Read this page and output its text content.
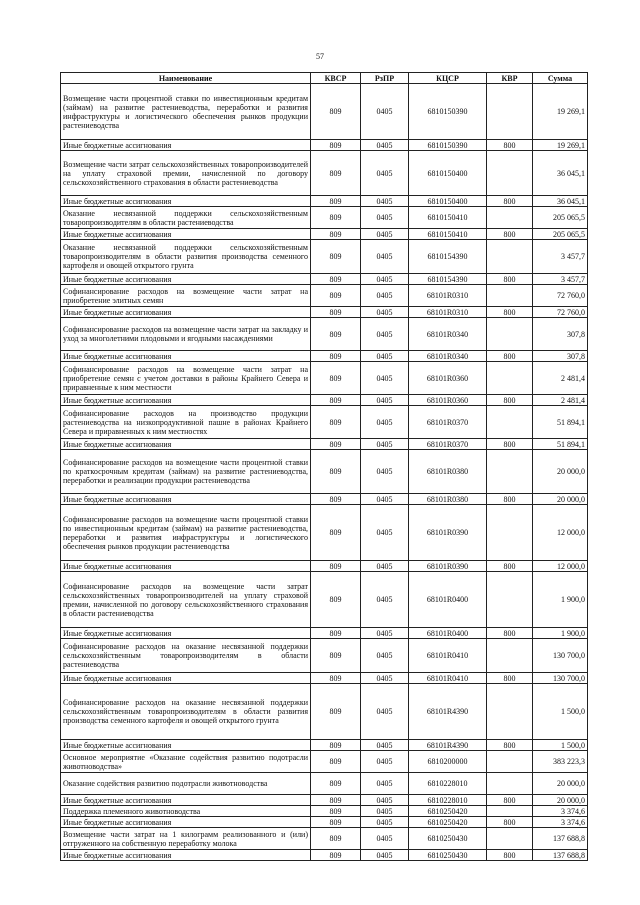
57
Наименование	КВСР	РзПР	КЦСР	КВР	Сумма
Возмещение части процентной ставки по инвестиционным кредитам (займам) на развитие растениеводства, переработки и развития инфраструктуры и логистического обеспечения рынков продукции растениеводства	809	0405	6810150390		19 269,1
Иные бюджетные ассигнования	809	0405	6810150390	800	19 269,1
Возмещение части затрат сельскохозяйственных товаропроизводителей на уплату страховой премии, начисленной по договору сельскохозяйственного страхования в области растениеводства	809	0405	6810150400		36 045,1
Иные бюджетные ассигнования	809	0405	6810150400	800	36 045,1
Оказание несвязанной поддержки сельскохозяйственным товаропроизводителям в области растениеводства	809	0405	6810150410		205 065,5
Иные бюджетные ассигнования	809	0405	6810150410	800	205 065,5
Оказание несвязанной поддержки сельскохозяйственным товаропроизводителям в области развития производства семенного картофеля и овощей открытого грунта	809	0405	6810154390		3 457,7
Иные бюджетные ассигнования	809	0405	6810154390	800	3 457,7
Софинансирование расходов на возмещение части затрат на приобретение элитных семян	809	0405	68101R0310		72 760,0
Иные бюджетные ассигнования	809	0405	68101R0310	800	72 760,0
Софинансирование расходов на возмещение части затрат на закладку и уход за многолетними плодовыми и ягодными насаждениями	809	0405	68101R0340		307,8
Иные бюджетные ассигнования	809	0405	68101R0340	800	307,8
Софинансирование расходов на возмещение части затрат на приобретение семян с учетом доставки в районы Крайнего Севера и приравненные к ним местности	809	0405	68101R0360		2 481,4
Иные бюджетные ассигнования	809	0405	68101R0360	800	2 481,4
Софинансирование расходов на производство продукции растениеводства на низкопродуктивной пашне в районах Крайнего Севера и приравненных к ним местностях	809	0405	68101R0370		51 894,1
Иные бюджетные ассигнования	809	0405	68101R0370	800	51 894,1
Софинансирование расходов на возмещение части процентной ставки по краткосрочным кредитам (займам) на развитие растениеводства, переработки и реализации продукции растениеводства	809	0405	68101R0380		20 000,0
Иные бюджетные ассигнования	809	0405	68101R0380	800	20 000,0
Софинансирование расходов на возмещение части процентной ставки по инвестиционным кредитам (займам) на развитие растениеводства, переработки и развития инфраструктуры и логистического обеспечения рынков продукции растениеводства	809	0405	68101R0390		12 000,0
Иные бюджетные ассигнования	809	0405	68101R0390	800	12 000,0
Софинансирование расходов на возмещение части затрат сельскохозяйственных товаропроизводителей на уплату страховой премии, начисленной по договору сельскохозяйственного страхования в области растениеводства	809	0405	68101R0400		1 900,0
Иные бюджетные ассигнования	809	0405	68101R0400	800	1 900,0
Софинансирование расходов на оказание несвязанной поддержки сельскохозяйственным товаропроизводителям в области растениеводства	809	0405	68101R0410		130 700,0
Иные бюджетные ассигнования	809	0405	68101R0410	800	130 700,0
Софинансирование расходов на оказание несвязанной поддержки сельскохозяйственным товаропроизводителям в области развития производства семенного картофеля и овощей открытого грунта	809	0405	68101R4390		1 500,0
Иные бюджетные ассигнования	809	0405	68101R4390	800	1 500,0
Основное мероприятие «Оказание содействия развитию подотрасли животноводства»	809	0405	6810200000		383 223,3
Оказание содействия развитию подотрасли животноводства	809	0405	6810228010		20 000,0
Иные бюджетные ассигнования	809	0405	6810228010	800	20 000,0
Поддержка племенного животноводства	809	0405	6810250420		3 374,6
Иные бюджетные ассигнования	809	0405	6810250420	800	3 374,6
Возмещение части затрат на 1 килограмм реализованного и (или) отгруженного на собственную переработку молока	809	0405	6810250430		137 688,8
Иные бюджетные ассигнования	809	0405	6810250430	800	137 688,8
